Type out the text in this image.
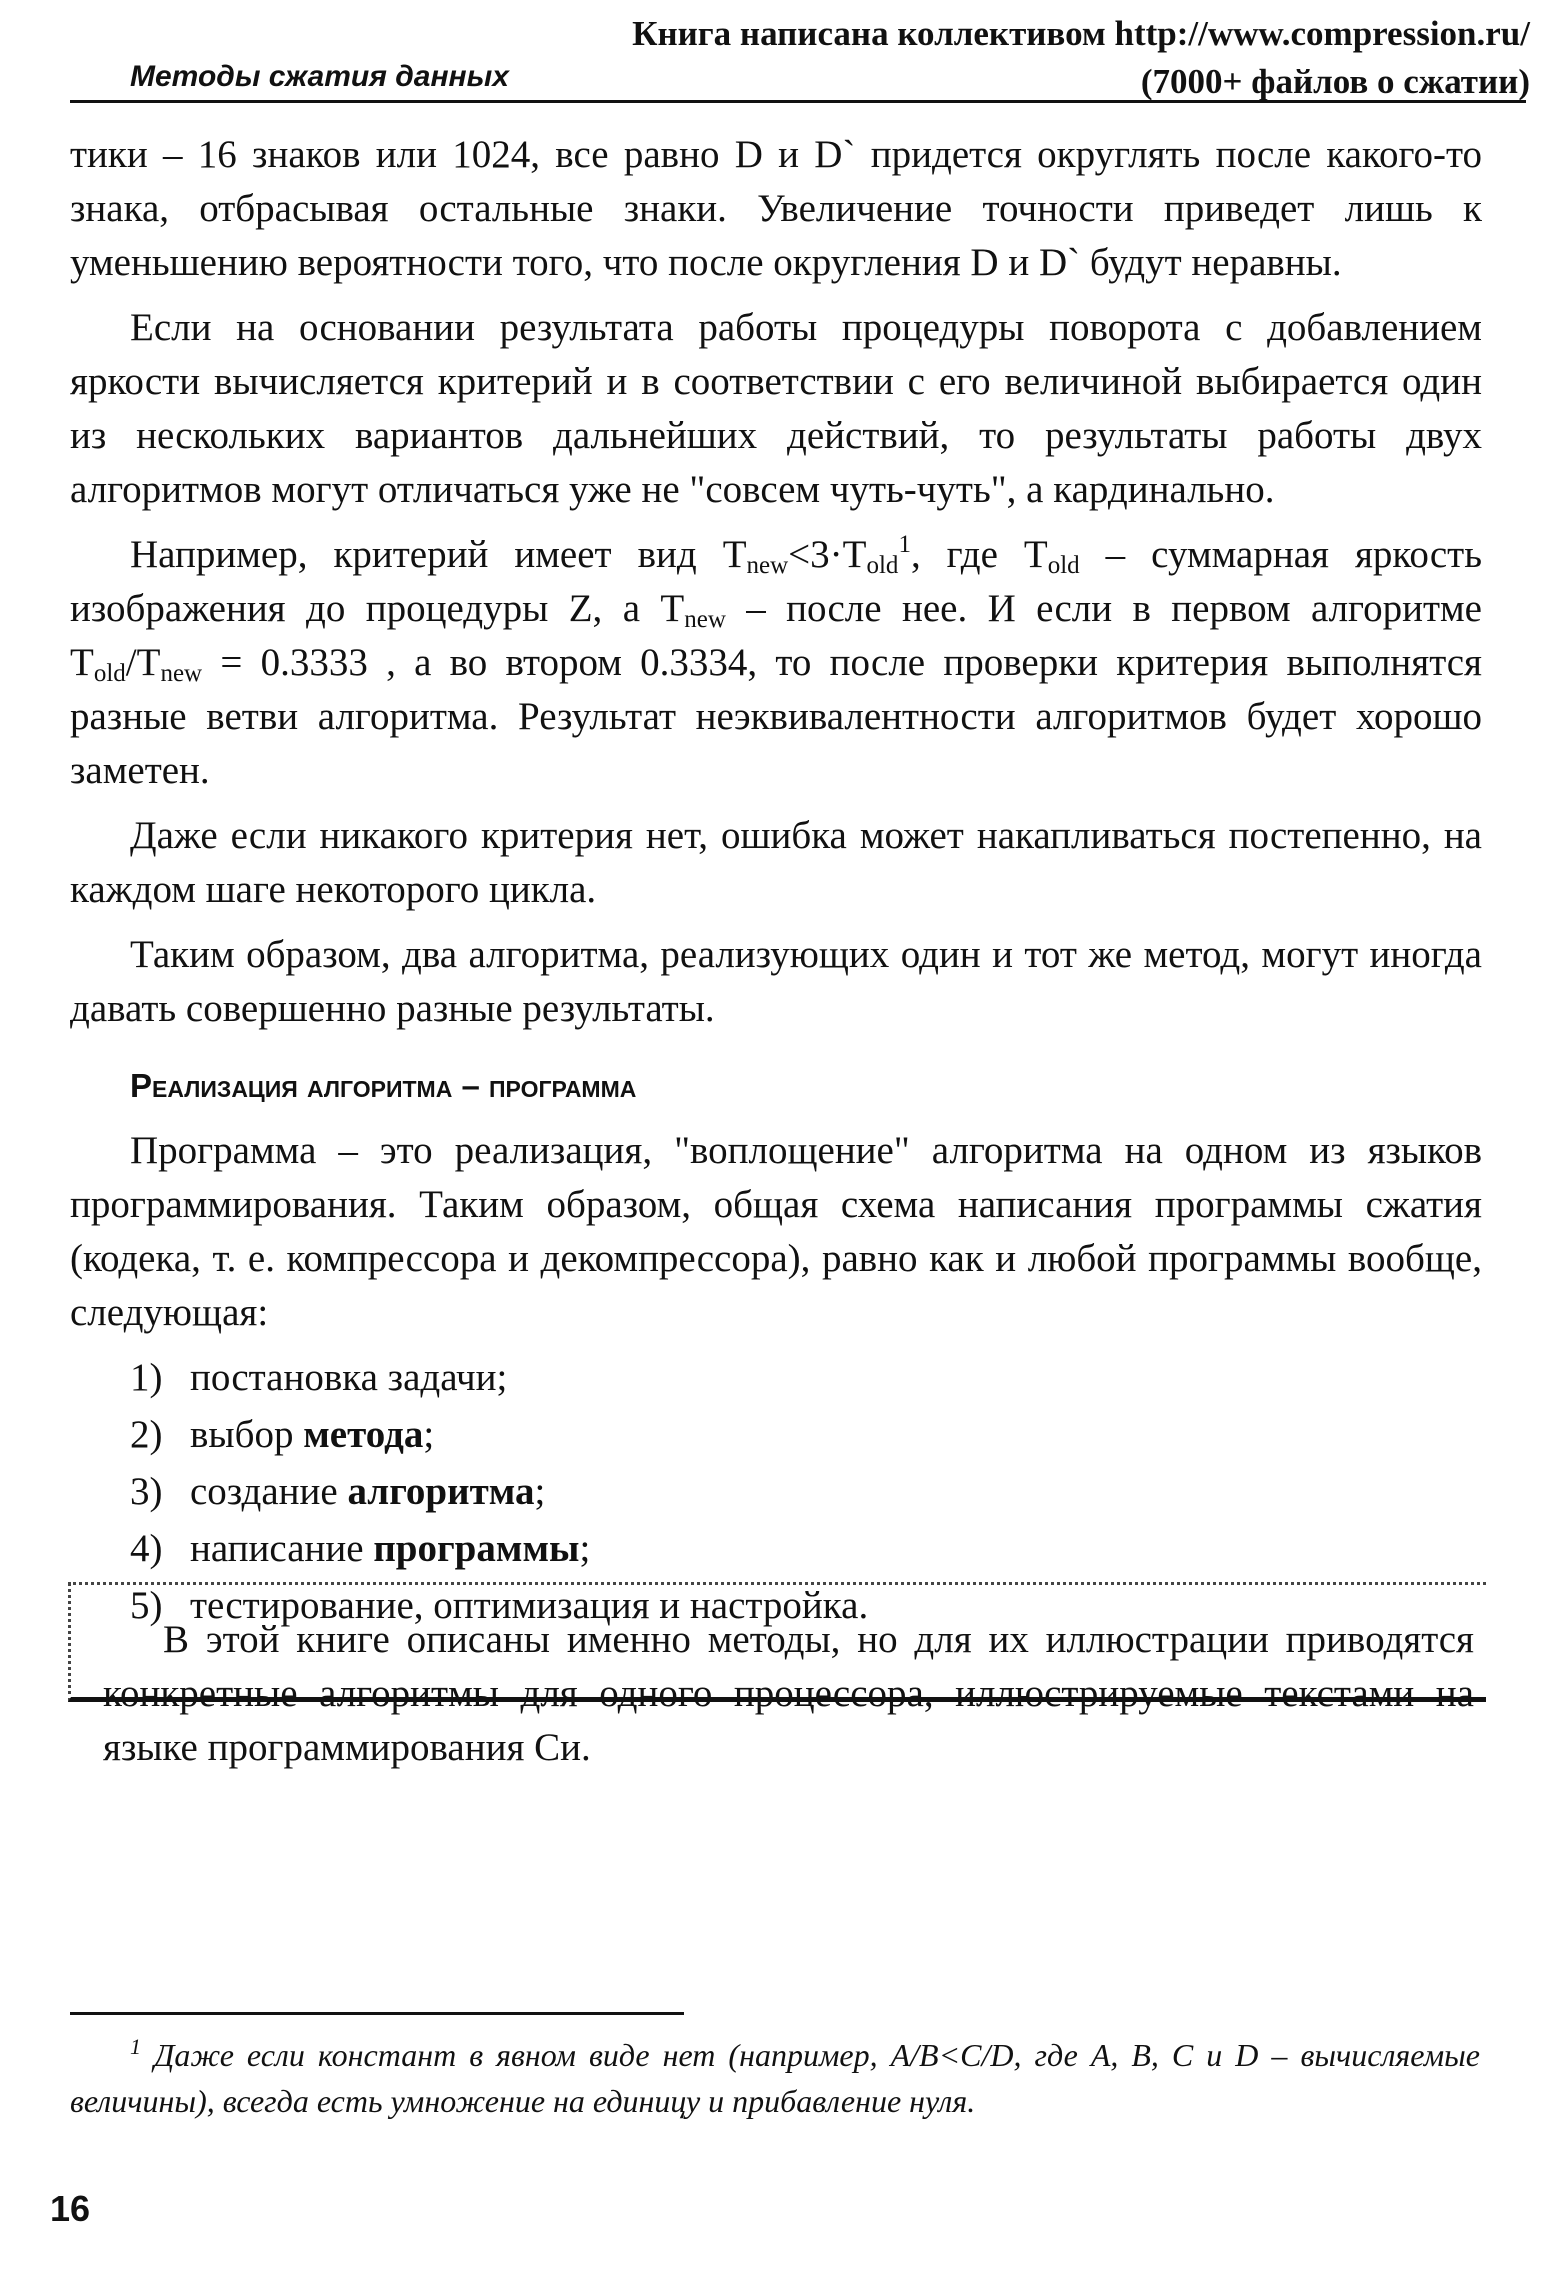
Книга написана коллективом http://www.compression.ru/
(7000+ файлов о сжатии)
Методы сжатия данных

тики – 16 знаков или 1024, все равно D и D` придется округлять после какого-то знака, отбрасывая остальные знаки. Увеличение точности приведет лишь к уменьшению вероятности того, что после округления D и D` будут неравны.

Если на основании результата работы процедуры поворота с добавлением яркости вычисляется критерий и в соответствии с его величиной выбирается один из нескольких вариантов дальнейших действий, то результаты работы двух алгоритмов могут отличаться уже не "совсем чуть-чуть", а кардинально.

Например, критерий имеет вид $T_{new}<3\cdot T_{old}^1$, где $T_{old}$ – суммарная яркость изображения до процедуры Z, а $T_{new}$ – после нее. И если в первом алгоритме $T_{old}/T_{new} = 0.3333$ , а во втором 0.3334, то после проверки критерия выполнятся разные ветви алгоритма. Результат неэквивалентности алгоритмов будет хорошо заметен.

Даже если никакого критерия нет, ошибка может накапливаться постепенно, на каждом шаге некоторого цикла.

Таким образом, два алгоритма, реализующих один и тот же метод, могут иногда давать совершенно разные результаты.

Реализация алгоритма – программа

Программа – это реализация, "воплощение" алгоритма на одном из языков программирования. Таким образом, общая схема написания программы сжатия (кодека, т. е. компрессора и декомпрессора), равно как и любой программы вообще, следующая:

1) постановка задачи;
2) выбор метода;
3) создание алгоритма;
4) написание программы;
5) тестирование, оптимизация и настройка.

В этой книге описаны именно методы, но для их иллюстрации приводятся конкретные алгоритмы для одного процессора, иллюстрируемые текстами на языке программирования Си.

$^1$ Даже если констант в явном виде нет (например, A/B<C/D, где A, B, C и D – вычисляемые величины), всегда есть умножение на единицу и прибавление нуля.
16
